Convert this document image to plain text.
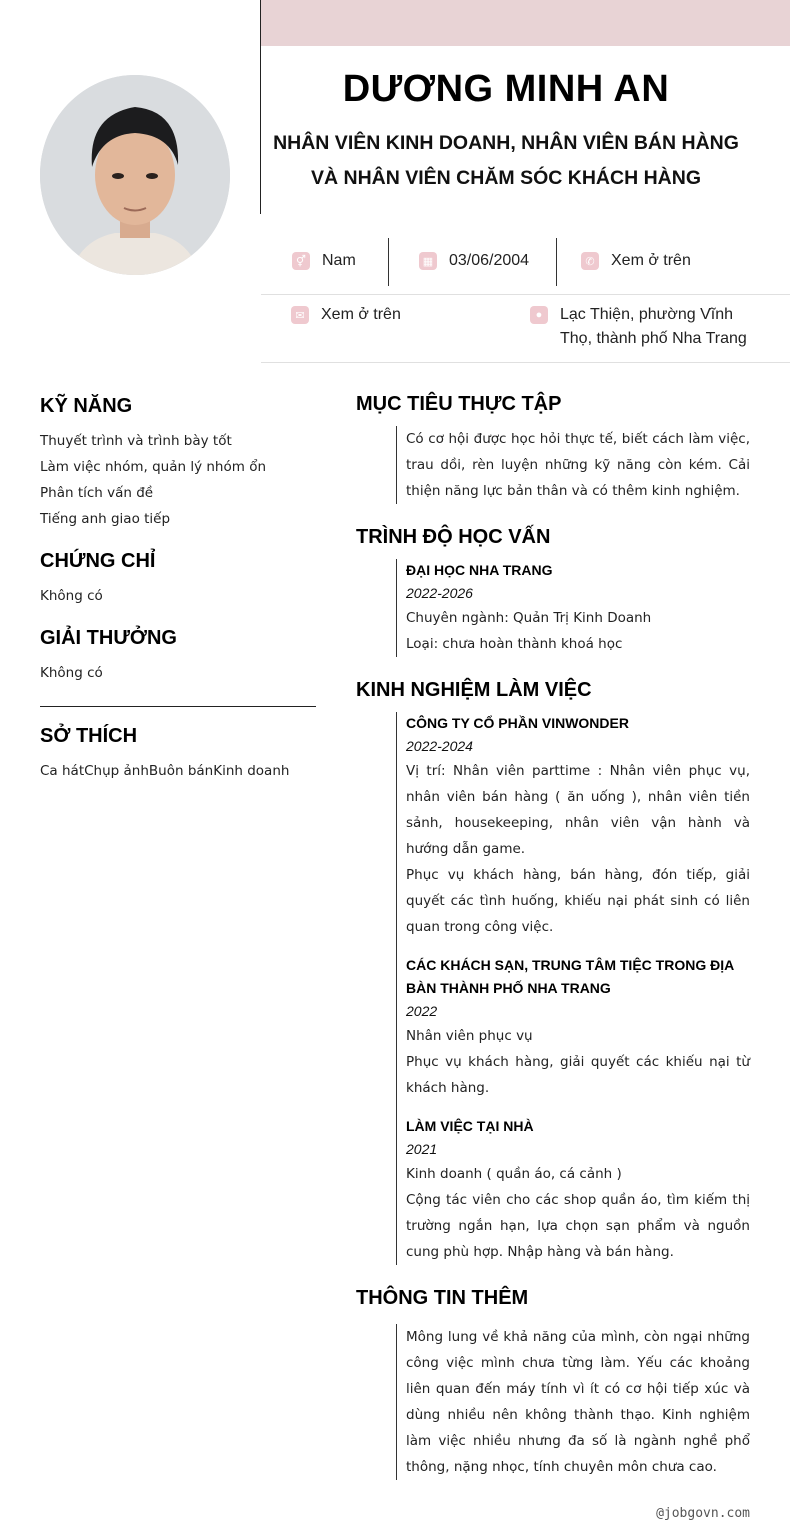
DƯƠNG MINH AN
NHÂN VIÊN KINH DOANH, NHÂN VIÊN BÁN HÀNG
VÀ NHÂN VIÊN CHĂM SÓC KHÁCH HÀNG
⚥ Nam	▦ 03/06/2004	✆ Xem ở trên
✉ Xem ở trên	●	Lạc Thiện, phường Vĩnh Thọ, thành phố Nha Trang
KỸ NĂNG
Thuyết trình và trình bày tốt
Làm việc nhóm, quản lý nhóm ổn
Phân tích vấn đề
Tiếng anh giao tiếp
CHỨNG CHỈ
Không có
GIẢI THƯỞNG
Không có
SỞ THÍCH
Ca hátChụp ảnhBuôn bánKinh doanh
MỤC TIÊU THỰC TẬP
Có cơ hội được học hỏi thực tế, biết cách làm việc, trau dồi, rèn luyện những kỹ năng còn kém. Cải thiện năng lực bản thân và có thêm kinh nghiệm.
TRÌNH ĐỘ HỌC VẤN
ĐẠI HỌC NHA TRANG
2022-2026
Chuyên ngành: Quản Trị Kinh Doanh
Loại: chưa hoàn thành khoá học
KINH NGHIỆM LÀM VIỆC
CÔNG TY CỔ PHẦN VINWONDER
2022-2024
Vị trí: Nhân viên parttime : Nhân viên phục vụ, nhân viên bán hàng ( ăn uống ), nhân viên tiền sảnh, housekeeping, nhân viên vận hành và hướng dẫn game.
Phục vụ khách hàng, bán hàng, đón tiếp, giải quyết các tình huống, khiếu nại phát sinh có liên quan trong công việc.
CÁC KHÁCH SẠN, TRUNG TÂM TIỆC TRONG ĐỊA BÀN THÀNH PHỐ NHA TRANG
2022
Nhân viên phục vụ
Phục vụ khách hàng, giải quyết các khiếu nại từ khách hàng.
LÀM VIỆC TẠI NHÀ
2021
Kinh doanh ( quần áo, cá cảnh )
Cộng tác viên cho các shop quần áo, tìm kiếm thị trường ngắn hạn, lựa chọn sạn phẩm và nguồn cung phù hợp. Nhập hàng và bán hàng.
THÔNG TIN THÊM
Mông lung về khả năng của mình, còn ngại những công việc mình chưa từng làm. Yếu các khoảng liên quan đến máy tính vì ít có cơ hội tiếp xúc và dùng nhiều nên không thành thạo. Kinh nghiệm làm việc nhiều nhưng đa số là ngành nghề phổ thông, nặng nhọc, tính chuyên môn chưa cao.
@jobgovn.com
